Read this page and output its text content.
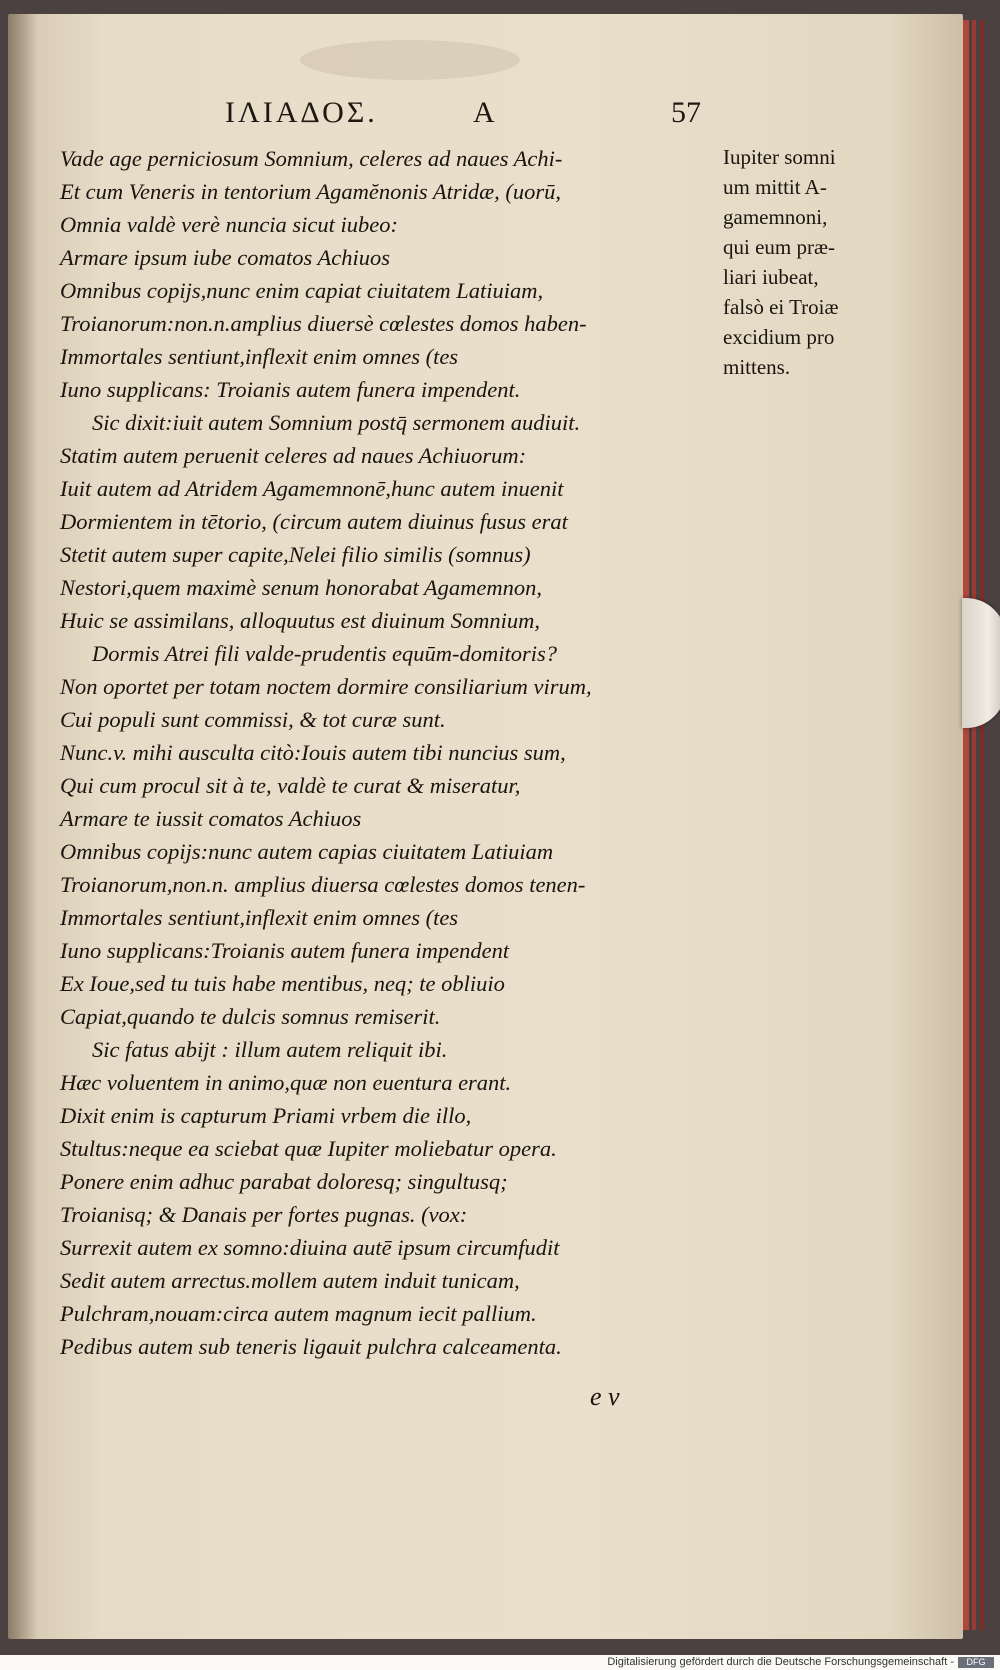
ΙΛΙΑΔΟΣ.	Α	57
Vade age perniciosum Somnium, celeres ad naues Achi-
Et cum Veneris in tentorium Agamĕnonis Atridæ, (uorū,
Omnia valdè verè nuncia sicut iubeo:
Armare ipsum iube comatos Achiuos
Omnibus copijs,nunc enim capiat ciuitatem Latiuiam,
Troianorum:non.n.amplius diuersè cœlestes domos haben-
Immortales sentiunt,inflexit enim omnes (tes
Iuno supplicans: Troianis autem funera impendent.
Sic dixit:iuit autem Somnium postq̄ sermonem audiuit.
Statim autem peruenit celeres ad naues Achiuorum:
Iuit autem ad Atridem Agamemnonē,hunc autem inuenit
Dormientem in tētorio, (circum autem diuinus fusus erat
Stetit autem super capite,Nelei filio similis (somnus)
Nestori,quem maximè senum honorabat Agamemnon,
Huic se assimilans, alloquutus est diuinum Somnium,
Dormis Atrei fili valde-prudentis equūm-domitoris?
Non oportet per totam noctem dormire consiliarium virum,
Cui populi sunt commissi, & tot curæ sunt.
Nunc.v. mihi ausculta citò:Iouis autem tibi nuncius sum,
Qui cum procul sit à te, valdè te curat & miseratur,
Armare te iussit comatos Achiuos
Omnibus copijs:nunc autem capias ciuitatem Latiuiam
Troianorum,non.n. amplius diuersa cœlestes domos tenen-
Immortales sentiunt,inflexit enim omnes (tes
Iuno supplicans:Troianis autem funera impendent
Ex Ioue,sed tu tuis habe mentibus, neq; te obliuio
Capiat,quando te dulcis somnus remiserit.
Sic fatus abijt : illum autem reliquit ibi.
Hæc voluentem in animo,quæ non euentura erant.
Dixit enim is capturum Priami vrbem die illo,
Stultus:neque ea sciebat quæ Iupiter moliebatur opera.
Ponere enim adhuc parabat doloresq; singultusq;
Troianisq; & Danais per fortes pugnas. (vox:
Surrexit autem ex somno:diuina autē ipsum circumfudit
Sedit autem arrectus.mollem autem induit tunicam,
Pulchram,nouam:circa autem magnum iecit pallium.
Pedibus autem sub teneris ligauit pulchra calceamenta.
Iupiter somni
um mittit A-
gamemnoni,
qui eum præ-
liari iubeat,
falsò ei Troiæ
excidium pro
mittens.
e v
Digitalisierung gefördert durch die Deutsche Forschungsgemeinschaft -	DFG
